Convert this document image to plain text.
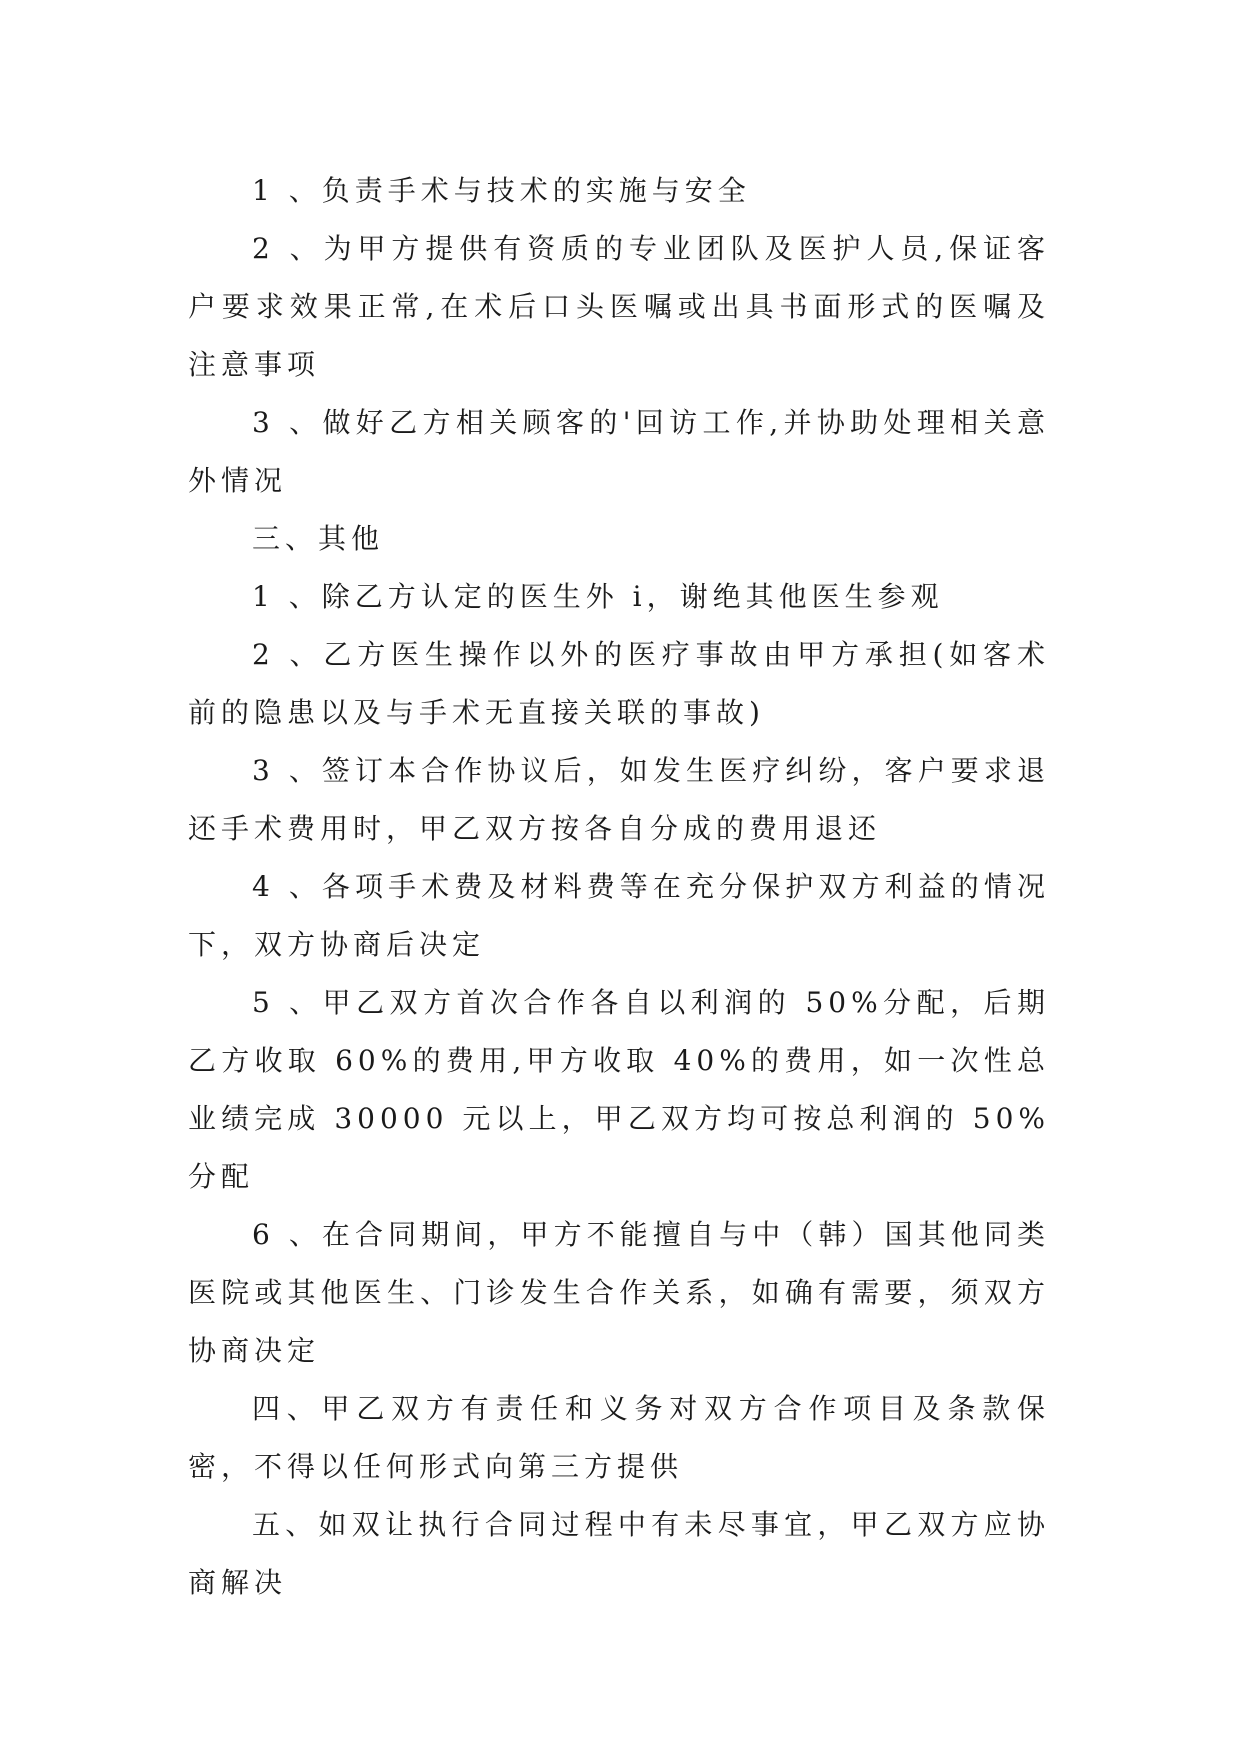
1 、负责手术与技术的实施与安全

2 、为甲方提供有资质的专业团队及医护人员,保证客户要求效果正常,在术后口头医嘱或出具书面形式的医嘱及注意事项

3 、做好乙方相关顾客的'回访工作,并协助处理相关意外情况

三、其他

1 、除乙方认定的医生外 i，谢绝其他医生参观

2 、乙方医生操作以外的医疗事故由甲方承担(如客术前的隐患以及与手术无直接关联的事故)

3 、签订本合作协议后，如发生医疗纠纷，客户要求退还手术费用时，甲乙双方按各自分成的费用退还

4 、各项手术费及材料费等在充分保护双方利益的情况下，双方协商后决定

5 、甲乙双方首次合作各自以利润的 50%分配，后期乙方收取 60%的费用,甲方收取 40%的费用，如一次性总业绩完成 30000 元以上，甲乙双方均可按总利润的 50%分配

6 、在合同期间，甲方不能擅自与中（韩）国其他同类医院或其他医生、门诊发生合作关系，如确有需要，须双方协商决定

四、甲乙双方有责任和义务对双方合作项目及条款保密，不得以任何形式向第三方提供

五、如双让执行合同过程中有未尽事宜，甲乙双方应协商解决
